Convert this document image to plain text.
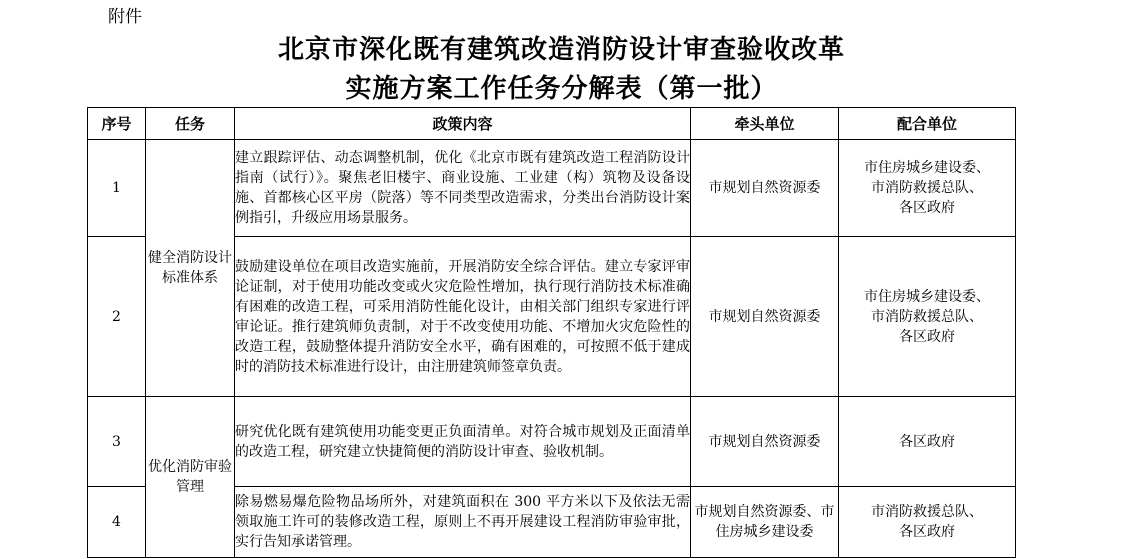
附件
北京市深化既有建筑改造消防设计审查验收改革
实施方案工作任务分解表（第一批）
序号	任务	政策内容	牵头单位	配合单位
1	健全消防设计标准体系	建立跟踪评估、动态调整机制，优化《北京市既有建筑改造工程消防设计指南（试行）》。聚焦老旧楼宇、商业设施、工业建（构）筑物及设备设施、首都核心区平房（院落）等不同类型改造需求，分类出台消防设计案例指引，升级应用场景服务。	市规划自然资源委	市住房城乡建设委、
市消防救援总队、
各区政府
2		鼓励建设单位在项目改造实施前，开展消防安全综合评估。建立专家评审论证制，对于使用功能改变或火灾危险性增加，执行现行消防技术标准确有困难的改造工程，可采用消防性能化设计，由相关部门组织专家进行评审论证。推行建筑师负责制，对于不改变使用功能、不增加火灾危险性的改造工程，鼓励整体提升消防安全水平，确有困难的，可按照不低于建成时的消防技术标准进行设计，由注册建筑师签章负责。	市规划自然资源委	市住房城乡建设委、
市消防救援总队、
各区政府
3	优化消防审验管理	研究优化既有建筑使用功能变更正负面清单。对符合城市规划及正面清单的改造工程，研究建立快捷简便的消防设计审查、验收机制。	市规划自然资源委	各区政府
4		除易燃易爆危险物品场所外，对建筑面积在 300 平方米以下及依法无需领取施工许可的装修改造工程，原则上不再开展建设工程消防审验审批，实行告知承诺管理。	市规划自然资源委、市住房城乡建设委	市消防救援总队、
各区政府
